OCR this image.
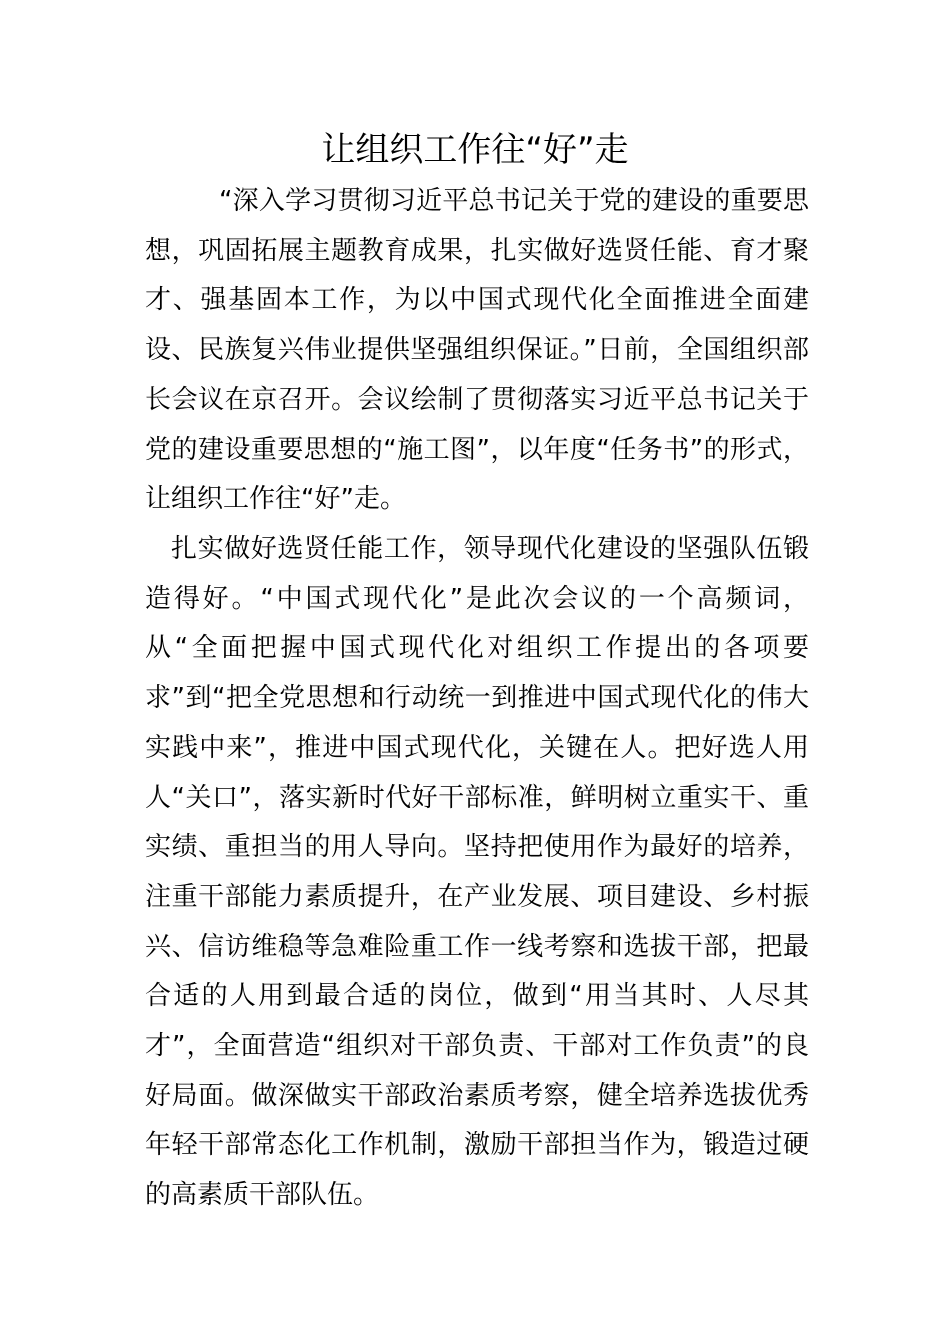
让组织工作往“好”走

“深入学习贯彻习近平总书记关于党的建设的重要思想，巩固拓展主题教育成果，扎实做好选贤任能、育才聚才、强基固本工作，为以中国式现代化全面推进全面建设、民族复兴伟业提供坚强组织保证。”日前，全国组织部长会议在京召开。会议绘制了贯彻落实习近平总书记关于党的建设重要思想的“施工图”，以年度“任务书”的形式，让组织工作往“好”走。

扎实做好选贤任能工作，领导现代化建设的坚强队伍锻造得好。“中国式现代化”是此次会议的一个高频词，从“全面把握中国式现代化对组织工作提出的各项要求”到“把全党思想和行动统一到推进中国式现代化的伟大实践中来”，推进中国式现代化，关键在人。把好选人用人“关口”，落实新时代好干部标准，鲜明树立重实干、重实绩、重担当的用人导向。坚持把使用作为最好的培养，注重干部能力素质提升，在产业发展、项目建设、乡村振兴、信访维稳等急难险重工作一线考察和选拔干部，把最合适的人用到最合适的岗位，做到“用当其时、人尽其才”，全面营造“组织对干部负责、干部对工作负责”的良好局面。做深做实干部政治素质考察，健全培养选拔优秀年轻干部常态化工作机制，激励干部担当作为，锻造过硬的高素质干部队伍。
